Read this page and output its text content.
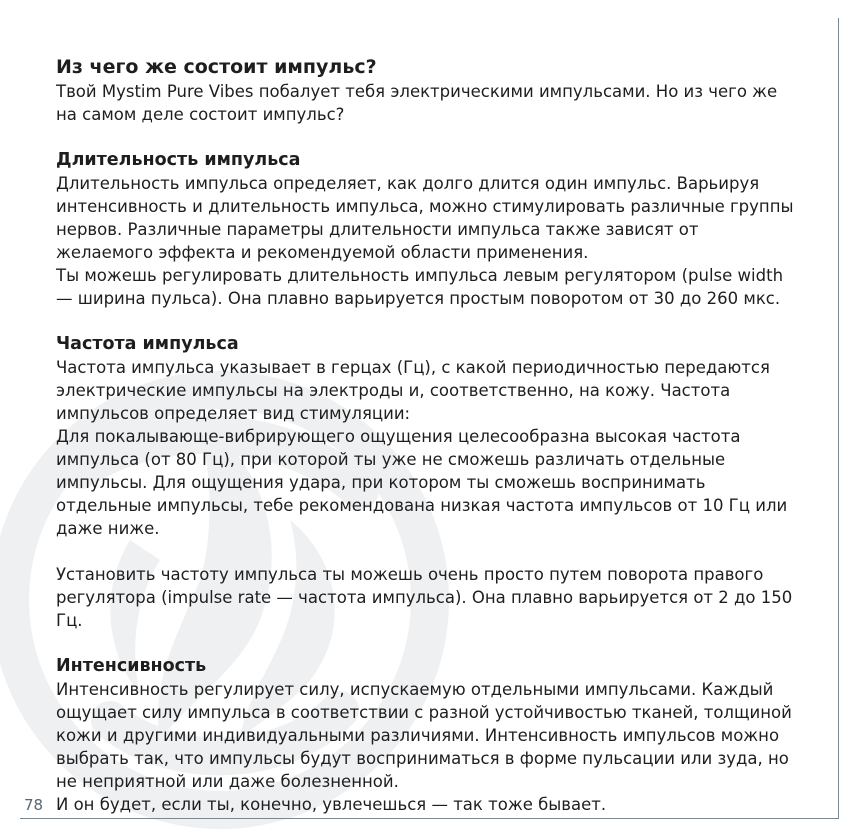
Из чего же состоит импульс?

Твой Mystim Pure Vibes побалует тебя электрическими импульсами. Но из чего же на самом деле состоит импульс?

Длительность импульса

Длительность импульса определяет, как долго длится один импульс. Варьируя интенсивность и длительность импульса, можно стимулировать различные группы нервов. Различные параметры длительности импульса также зависят от желаемого эффекта и рекомендуемой области применения.

Ты можешь регулировать длительность импульса левым регулятором (pulse width — ширина пульса). Она плавно варьируется простым поворотом от 30 до 260 мкс.

Частота импульса

Частота импульса указывает в герцах (Гц), с какой периодичностью передаются электрические импульсы на электроды и, соответственно, на кожу. Частота импульсов определяет вид стимуляции:

Для покалывающе-вибрирующего ощущения целесообразна высокая частота импульса (от 80 Гц), при которой ты уже не сможешь различать отдельные импульсы. Для ощущения удара, при котором ты сможешь воспринимать отдельные импульсы, тебе рекомендована низкая частота импульсов от 10 Гц или даже ниже.

Установить частоту импульса ты можешь очень просто путем поворота правого регулятора (impulse rate — частота импульса). Она плавно варьируется от 2 до 150 Гц.

Интенсивность

Интенсивность регулирует силу, испускаемую отдельными импульсами. Каждый ощущает силу импульса в соответствии с разной устойчивостью тканей, толщиной кожи и другими индивидуальными различиями. Интенсивность импульсов можно выбрать так, что импульсы будут восприниматься в форме пульсации или зуда, но не неприятной или даже болезненной.

И он будет, если ты, конечно, увлечешься — так тоже бывает.

78
